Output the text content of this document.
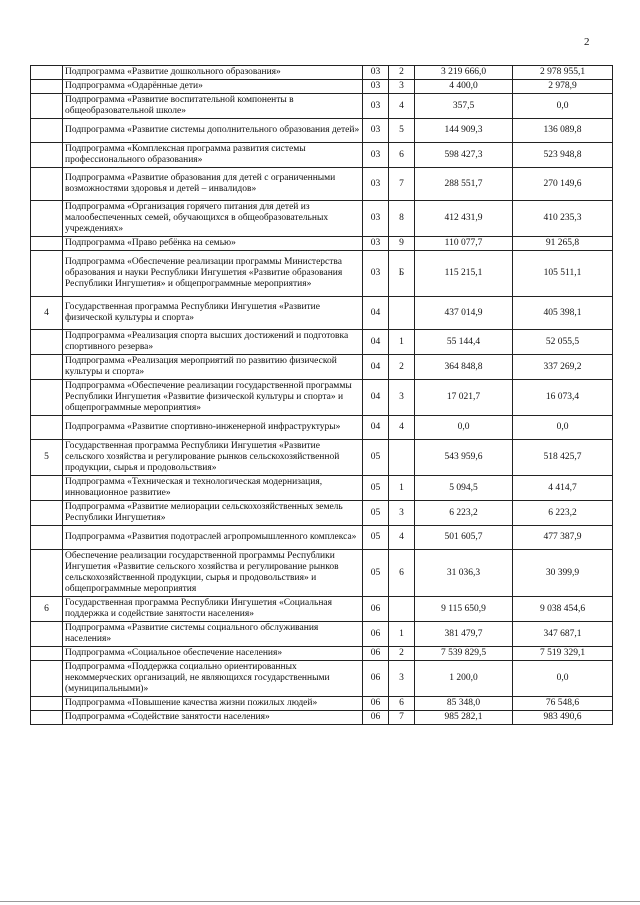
2
	Подпрограмма «Развитие дошкольного образования»	03	2	3 219 666,0	2 978 955,1
	Подпрограмма «Одарённые дети»	03	3	4 400,0	2 978,9
	Подпрограмма «Развитие воспитательной компоненты в общеобразовательной школе»	03	4	357,5	0,0
	Подпрограмма «Развитие системы дополнительного образования детей»	03	5	144 909,3	136 089,8
	Подпрограмма «Комплексная программа развития системы профессионального образования»	03	6	598 427,3	523 948,8
	Подпрограмма «Развитие образования для детей с ограниченными возможностями здоровья и детей – инвалидов»	03	7	288 551,7	270 149,6
	Подпрограмма «Организация горячего питания для детей из малообеспеченных семей, обучающихся в общеобразовательных учреждениях»	03	8	412 431,9	410 235,3
	Подпрограмма «Право ребёнка на семью»	03	9	110 077,7	91 265,8
	Подпрограмма «Обеспечение реализации программы Министерства образования и науки Республики Ингушетия «Развитие образования Республики Ингушетия» и общепрограммные мероприятия»	03	Б	115 215,1	105 511,1
4	Государственная программа Республики Ингушетия «Развитие физической культуры и спорта»	04		437 014,9	405 398,1
	Подпрограмма «Реализация спорта высших достижений и подготовка спортивного резерва»	04	1	55 144,4	52 055,5
	Подпрограмма «Реализация мероприятий по развитию физической культуры и спорта»	04	2	364 848,8	337 269,2
	Подпрограмма «Обеспечение реализации государственной программы Республики Ингушетия «Развитие физической культуры и спорта» и общепрограммные мероприятия»	04	3	17 021,7	16 073,4
	Подпрограмма «Развитие спортивно-инженерной инфраструктуры»	04	4	0,0	0,0
5	Государственная программа Республики Ингушетия «Развитие сельского хозяйства и регулирование рынков сельскохозяйственной продукции, сырья и продовольствия»	05		543 959,6	518 425,7
	Подпрограмма «Техническая и технологическая модернизация, инновационное развитие»	05	1	5 094,5	4 414,7
	Подпрограмма «Развитие мелиорации сельскохозяйственных земель Республики Ингушетия»	05	3	6 223,2	6 223,2
	Подпрограмма «Развития подотраслей агропромышленного комплекса»	05	4	501 605,7	477 387,9
	Обеспечение реализации государственной программы Республики Ингушетия «Развитие сельского хозяйства и регулирование рынков сельскохозяйственной продукции, сырья и продовольствия» и общепрограммные мероприятия	05	6	31 036,3	30 399,9
6	Государственная программа Республики Ингушетия «Социальная поддержка и содействие занятости населения»	06		9 115 650,9	9 038 454,6
	Подпрограмма «Развитие системы социального обслуживания населения»	06	1	381 479,7	347 687,1
	Подпрограмма «Социальное обеспечение населения»	06	2	7 539 829,5	7 519 329,1
	Подпрограмма «Поддержка социально ориентированных некоммерческих организаций, не являющихся государственными (муниципальными)»	06	3	1 200,0	0,0
	Подпрограмма «Повышение качества жизни пожилых людей»	06	6	85 348,0	76 548,6
	Подпрограмма «Содействие занятости населения»	06	7	985 282,1	983 490,6
